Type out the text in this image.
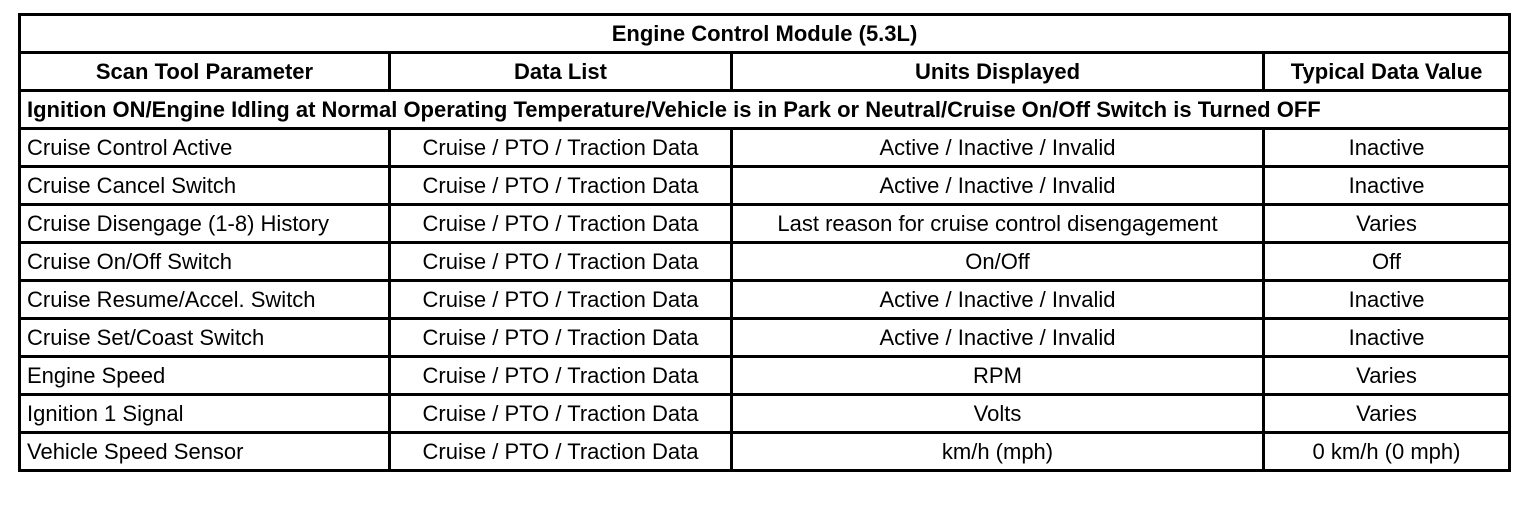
Engine Control Module (5.3L)			
Scan Tool Parameter	Data List	Units Displayed	Typical Data Value
Ignition ON/Engine Idling at Normal Operating Temperature/Vehicle is in Park or Neutral/Cruise On/Off Switch is Turned OFF			
Cruise Control Active	Cruise / PTO / Traction Data	Active / Inactive / Invalid	Inactive
Cruise Cancel Switch	Cruise / PTO / Traction Data	Active / Inactive / Invalid	Inactive
Cruise Disengage (1-8) History	Cruise / PTO / Traction Data	Last reason for cruise control disengagement	Varies
Cruise On/Off Switch	Cruise / PTO / Traction Data	On/Off	Off
Cruise Resume/Accel. Switch	Cruise / PTO / Traction Data	Active / Inactive / Invalid	Inactive
Cruise Set/Coast Switch	Cruise / PTO / Traction Data	Active / Inactive / Invalid	Inactive
Engine Speed	Cruise / PTO / Traction Data	RPM	Varies
Ignition 1 Signal	Cruise / PTO / Traction Data	Volts	Varies
Vehicle Speed Sensor	Cruise / PTO / Traction Data	km/h (mph)	0 km/h (0 mph)
